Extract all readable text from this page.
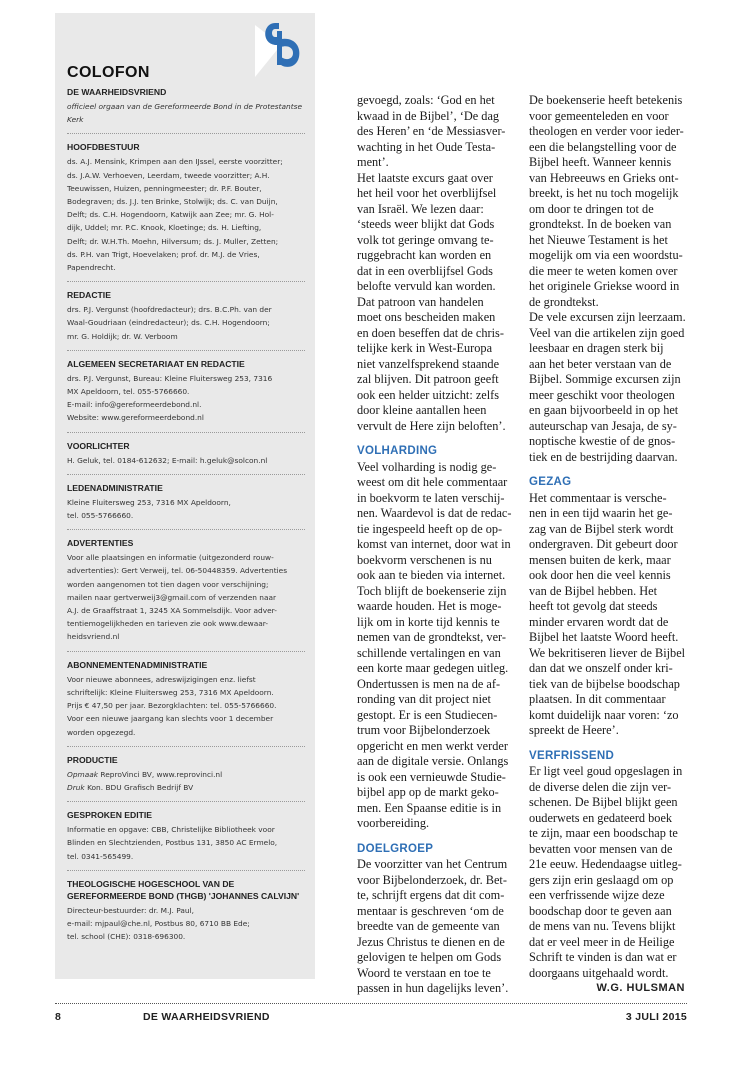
COLOFON
DE WAARHEIDSVRIEND
officieel orgaan van de Gereformeerde Bond in de Protestantse
Kerk
HOOFDBESTUUR
ds. A.J. Mensink, Krimpen aan den IJssel, eerste voorzitter;
ds. J.A.W. Verhoeven, Leerdam, tweede voorzitter; A.H.
Teeuwissen, Huizen, penningmeester; dr. P.F. Bouter,
Bodegraven; ds. J.J. ten Brinke, Stolwijk; ds. C. van Duijn,
Delft; ds. C.H. Hogendoorn, Katwijk aan Zee; mr. G. Hol-
dijk, Uddel; mr. P.C. Knook, Kloetinge; ds. H. Liefting,
Delft; dr. W.H.Th. Moehn, Hilversum; ds. J. Muller, Zetten;
ds. P.H. van Trigt, Hoevelaken; prof. dr. M.J. de Vries,
Papendrecht.
REDACTIE
drs. P.J. Vergunst (hoofdredacteur); drs. B.C.Ph. van der
Waal-Goudriaan (eindredacteur); ds. C.H. Hogendoorn;
mr. G. Holdijk; dr. W. Verboom
ALGEMEEN SECRETARIAAT EN REDACTIE
drs. P.J. Vergunst, Bureau: Kleine Fluitersweg 253, 7316
MX Apeldoorn, tel. 055-5766660.
E-mail: info@gereformeerdebond.nl.
Website: www.gereformeerdebond.nl
VOORLICHTER
H. Geluk, tel. 0184-612632; E-mail: h.geluk@solcon.nl
LEDENADMINISTRATIE
Kleine Fluitersweg 253, 7316 MX Apeldoorn,
tel. 055-5766660.
ADVERTENTIES
Voor alle plaatsingen en informatie (uitgezonderd rouw-
advertenties): Gert Verweij, tel. 06-50448359. Advertenties
worden aangenomen tot tien dagen voor verschijning;
mailen naar gertverweij3@gmail.com of verzenden naar
A.J. de Graaffstraat 1, 3245 XA Sommelsdijk. Voor adver-
tentiemogelijkheden en tarieven zie ook www.dewaar-
heidsvriend.nl
ABONNEMENTENADMINISTRATIE
Voor nieuwe abonnees, adreswijzigingen enz. liefst
schriftelijk: Kleine Fluitersweg 253, 7316 MX Apeldoorn.
Prijs € 47,50 per jaar. Bezorgklachten: tel. 055-5766660.
Voor een nieuwe jaargang kan slechts voor 1 december
worden opgezegd.
PRODUCTIE
Opmaak ReproVinci BV, www.reprovinci.nl
Druk Kon. BDU Grafisch Bedrijf BV
GESPROKEN EDITIE
Informatie en opgave: CBB, Christelijke Bibliotheek voor
Blinden en Slechtzienden, Postbus 131, 3850 AC Ermelo,
tel. 0341-565499.
THEOLOGISCHE HOGESCHOOL VAN DE GEREFORMEERDE BOND (THGB) 'JOHANNES CALVIJN'
Directeur-bestuurder: dr. M.J. Paul,
e-mail: mjpaul@che.nl, Postbus 80, 6710 BB Ede;
tel. school (CHE): 0318-696300.
gevoegd, zoals: ‘God en het
kwaad in de Bijbel’, ‘De dag
des Heren’ en ‘de Messiasver-
wachting in het Oude Testa-
ment’.
Het laatste excurs gaat over
het heil voor het overblijfsel
van Israël. We lezen daar:
‘steeds weer blijkt dat Gods
volk tot geringe omvang te-
ruggebracht kan worden en
dat in een overblijfsel Gods
belofte vervuld kan worden.
Dat patroon van handelen
moet ons bescheiden maken
en doen beseffen dat de chris-
telijke kerk in West-Europa
niet vanzelfsprekend staande
zal blijven. Dit patroon geeft
ook een helder uitzicht: zelfs
door kleine aantallen heen
vervult de Here zijn beloften’.
VOLHARDING
Veel volharding is nodig ge-
weest om dit hele commentaar
in boekvorm te laten verschij-
nen. Waardevol is dat de redac-
tie ingespeeld heeft op de op-
komst van internet, door wat in
boekvorm verschenen is nu
ook aan te bieden via internet.
Toch blijft de boekenserie zijn
waarde houden. Het is moge-
lijk om in korte tijd kennis te
nemen van de grondtekst, ver-
schillende vertalingen en van
een korte maar gedegen uitleg.
Ondertussen is men na de af-
ronding van dit project niet
gestopt. Er is een Studiecen-
trum voor Bijbelonderzoek
opgericht en men werkt verder
aan de digitale versie. Onlangs
is ook een vernieuwde Studie-
bijbel app op de markt geko-
men. Een Spaanse editie is in
voorbereiding.
DOELGROEP
De voorzitter van het Centrum
voor Bijbelonderzoek, dr. Bet-
te, schrijft ergens dat dit com-
mentaar is geschreven ‘om de
breedte van de gemeente van
Jezus Christus te dienen en de
gelovigen te helpen om Gods
Woord te verstaan en toe te
passen in hun dagelijks leven’.
De boekenserie heeft betekenis
voor gemeenteleden en voor
theologen en verder voor ieder-
een die belangstelling voor de
Bijbel heeft. Wanneer kennis
van Hebreeuws en Grieks ont-
breekt, is het nu toch mogelijk
om door te dringen tot de
grondtekst. In de boeken van
het Nieuwe Testament is het
mogelijk om via een woordstu-
die meer te weten komen over
het originele Griekse woord in
de grondtekst.
De vele excursen zijn leerzaam.
Veel van die artikelen zijn goed
leesbaar en dragen sterk bij
aan het beter verstaan van de
Bijbel. Sommige excursen zijn
meer geschikt voor theologen
en gaan bijvoorbeeld in op het
auteurschap van Jesaja, de sy-
noptische kwestie of de gnos-
tiek en de bestrijding daarvan.
GEZAG
Het commentaar is versche-
nen in een tijd waarin het ge-
zag van de Bijbel sterk wordt
ondergraven. Dit gebeurt door
mensen buiten de kerk, maar
ook door hen die veel kennis
van de Bijbel hebben. Het
heeft tot gevolg dat steeds
minder ervaren wordt dat de
Bijbel het laatste Woord heeft.
We bekritiseren liever de Bijbel
dan dat we onszelf onder kri-
tiek van de bijbelse boodschap
plaatsen. In dit commentaar
komt duidelijk naar voren: ‘zo
spreekt de Heere’.
VERFRISSEND
Er ligt veel goud opgeslagen in
de diverse delen die zijn ver-
schenen. De Bijbel blijkt geen
ouderwets en gedateerd boek
te zijn, maar een boodschap te
bevatten voor mensen van de
21e eeuw. Hedendaagse uitleg-
gers zijn erin geslaagd om op
een verfrissende wijze deze
boodschap door te geven aan
de mens van nu. Tevens blijkt
dat er veel meer in de Heilige
Schrift te vinden is dan wat er
doorgaans uitgehaald wordt.
W.G. HULSMAN
8	DE WAARHEIDSVRIEND	3 JULI 2015
